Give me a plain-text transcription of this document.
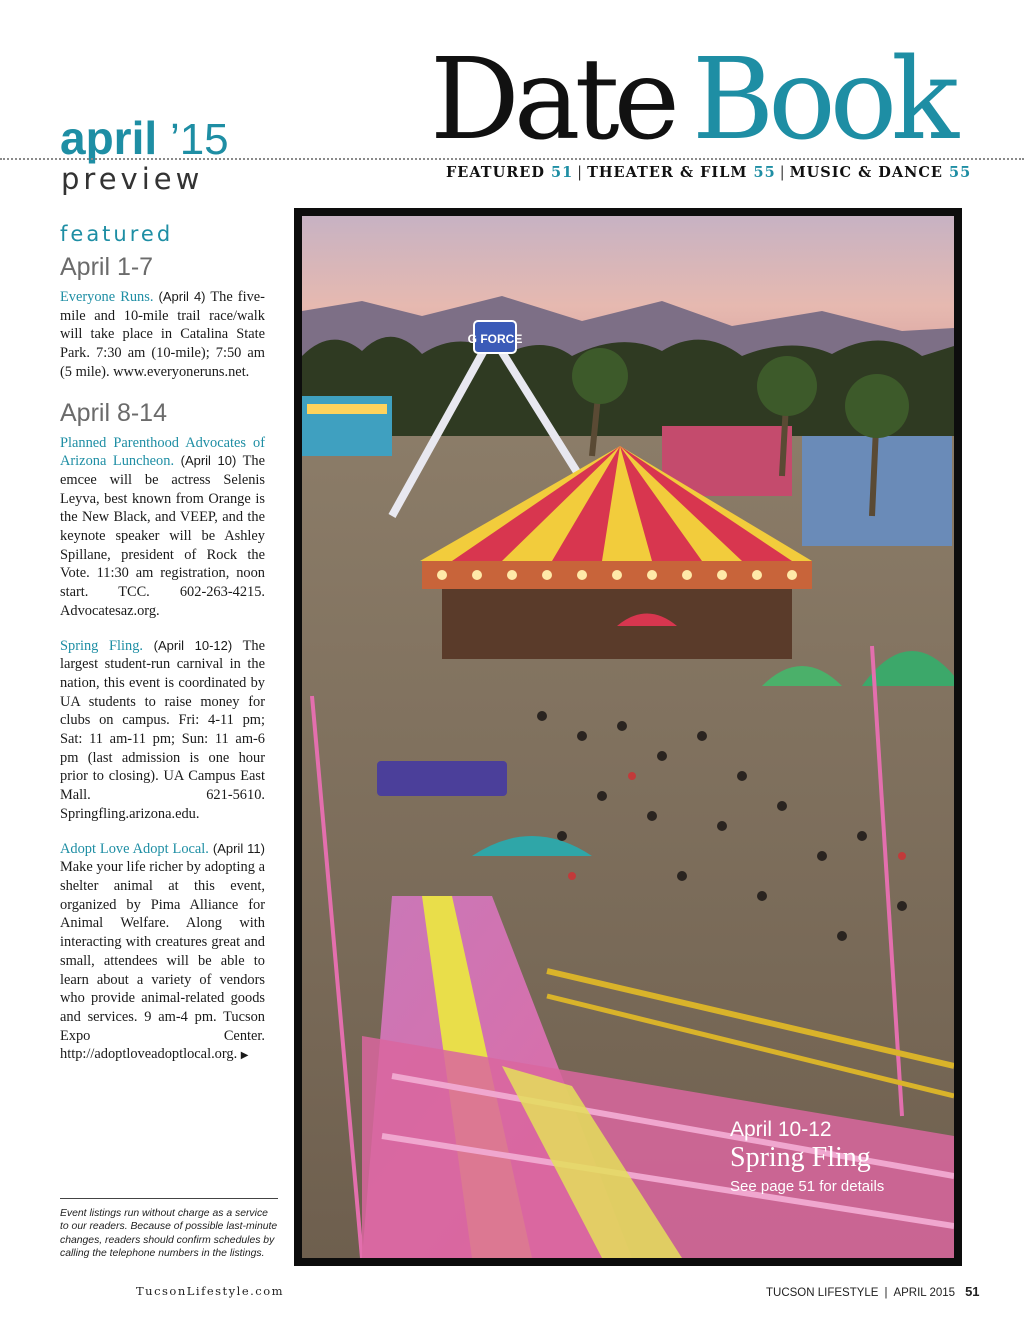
Date Book
april ’15
preview	FEATURED 51 | THEATER & FILM 55 | MUSIC & DANCE 55
featured
April 1-7

Everyone Runs. (April 4) The five-mile and 10-mile trail race/walk will take place in Catalina State Park. 7:30 am (10-mile); 7:50 am (5 mile). www.everyoneruns.net.

April 8-14

Planned Parenthood Advocates of Arizona Luncheon. (April 10) The emcee will be actress Selenis Leyva, best known from Orange is the New Black, and VEEP, and the keynote speaker will be Ashley Spillane, president of Rock the Vote. 11:30 am registration, noon start. TCC. 602-263-4215. Advocatesaz.org.

Spring Fling. (April 10-12) The largest student-run carnival in the nation, this event is coordinated by UA students to raise money for clubs on campus. Fri: 4-11 pm; Sat: 11 am-11 pm; Sun: 11 am-6 pm (last admission is one hour prior to closing). UA Campus East Mall. 621-5610. Springfling.arizona.edu.

Adopt Love Adopt Local. (April 11) Make your life richer by adopting a shelter animal at this event, organized by Pima Alliance for Animal Welfare. Along with interacting with creatures great and small, attendees will be able to learn about a variety of vendors who provide animal-related goods and services. 9 am-4 pm. Tucson Expo Center. http://adoptloveadoptlocal.org. ▶

Event listings run without charge as a service to our readers. Because of possible last-minute changes, readers should confirm schedules by calling the telephone numbers in the listings.
G FORCE
April 10-12
Spring Fling
See page 51 for details
TucsonLifestyle.com	TUCSON LIFESTYLE | APRIL 2015 51
